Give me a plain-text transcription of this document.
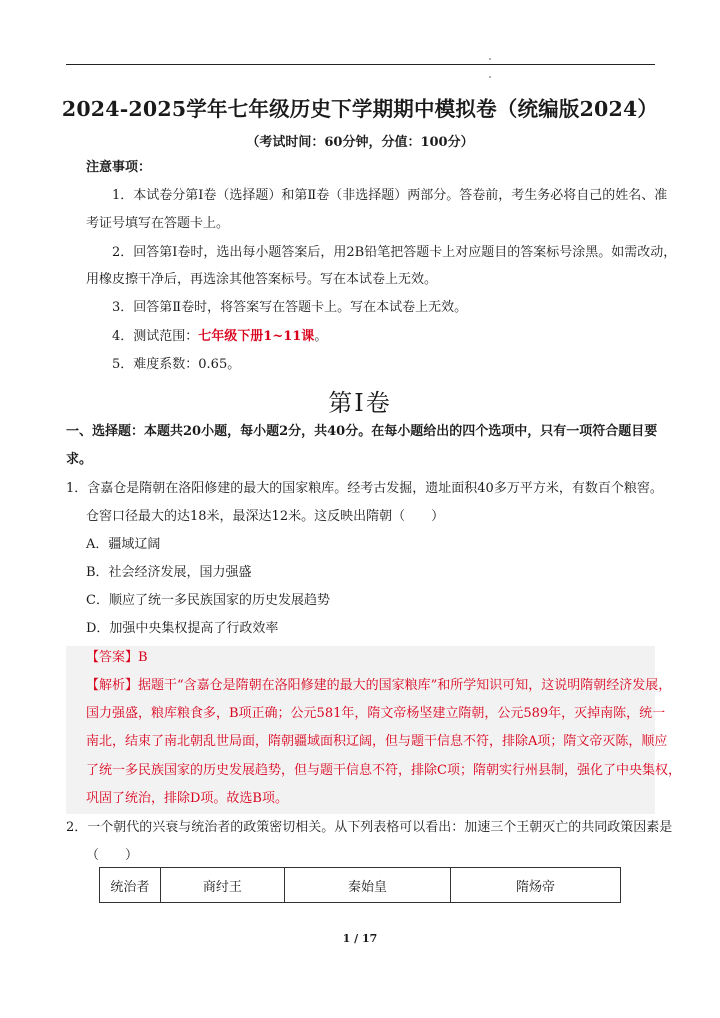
2024-2025学年七年级历史下学期期中模拟卷（统编版2024）
（考试时间：60分钟，分值：100分）
注意事项：
1．本试卷分第Ⅰ卷（选择题）和第Ⅱ卷（非选择题）两部分。答卷前，考生务必将自己的姓名、准
考证号填写在答题卡上。
2．回答第Ⅰ卷时，选出每小题答案后，用2B铅笔把答题卡上对应题目的答案标号涂黑。如需改动，
用橡皮擦干净后，再选涂其他答案标号。写在本试卷上无效。
3．回答第Ⅱ卷时，将答案写在答题卡上。写在本试卷上无效。
4．测试范围：七年级下册1~11课。
5．难度系数：0.65。
第Ⅰ卷
一、选择题：本题共20小题，每小题2分，共40分。在每小题给出的四个选项中，只有一项符合题目要
求。
1．含嘉仓是隋朝在洛阳修建的最大的国家粮库。经考古发掘，遗址面积40多万平方米，有数百个粮窖。
仓窖口径最大的达18米，最深达12米。这反映出隋朝（　　）
A．疆域辽阔
B．社会经济发展，国力强盛
C．顺应了统一多民族国家的历史发展趋势
D．加强中央集权提高了行政效率
【答案】B
【解析】据题干“含嘉仓是隋朝在洛阳修建的最大的国家粮库”和所学知识可知，这说明隋朝经济发展，
国力强盛，粮库粮食多，B项正确；公元581年，隋文帝杨坚建立隋朝，公元589年，灭掉南陈，统一
南北，结束了南北朝乱世局面，隋朝疆域面积辽阔，但与题干信息不符，排除A项；隋文帝灭陈，顺应
了统一多民族国家的历史发展趋势，但与题干信息不符，排除C项；隋朝实行州县制，强化了中央集权，
巩固了统治，排除D项。故选B项。
2．一个朝代的兴衰与统治者的政策密切相关。从下列表格可以看出：加速三个王朝灭亡的共同政策因素是
（　　）
统治者	商纣王	秦始皇	隋炀帝
1 / 17
